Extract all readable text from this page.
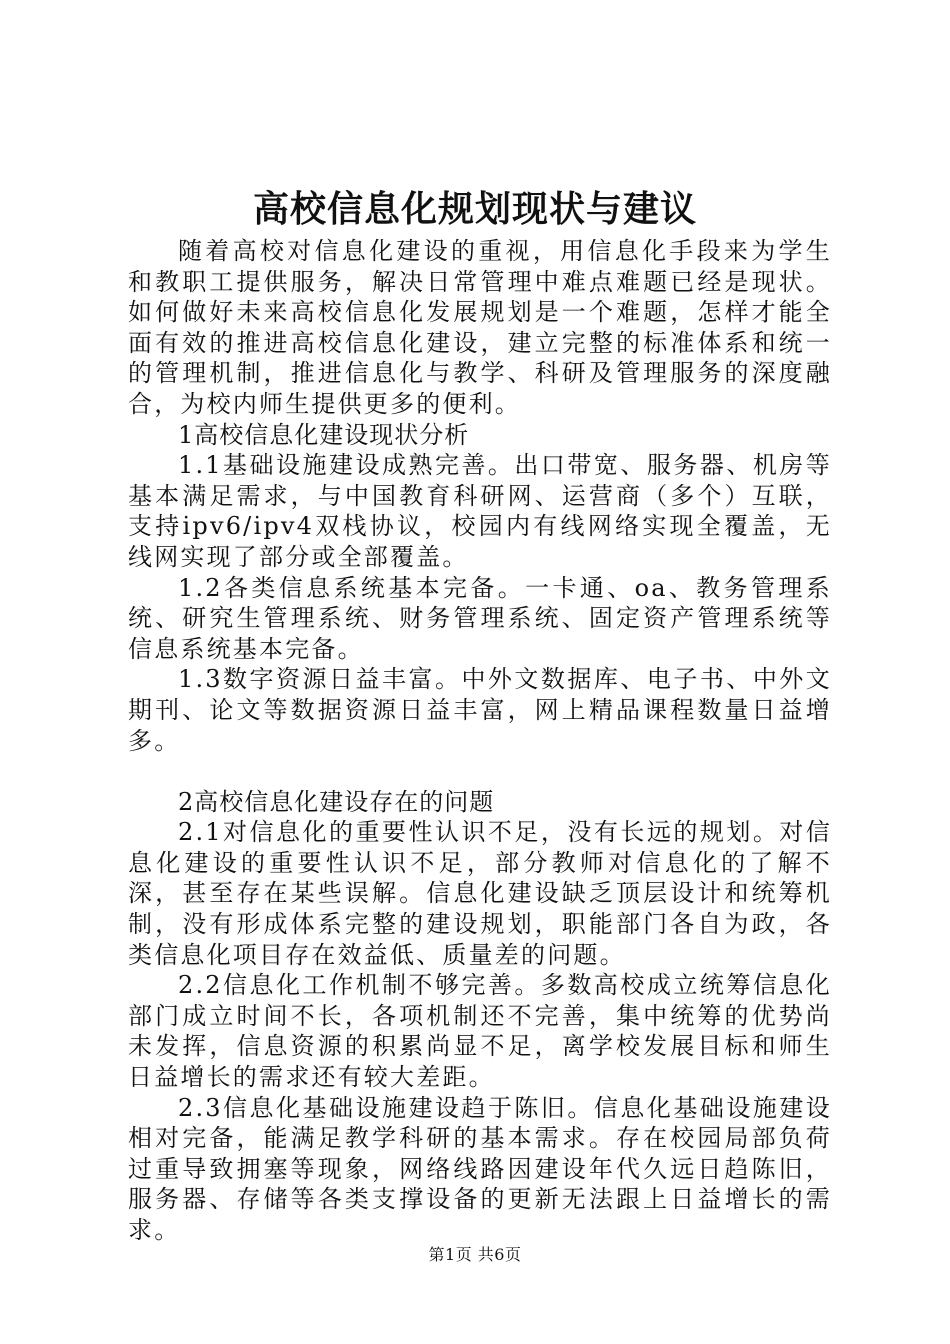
高校信息化规划现状与建议

随着高校对信息化建设的重视，用信息化手段来为学生和教职工提供服务，解决日常管理中难点难题已经是现状。如何做好未来高校信息化发展规划是一个难题，怎样才能全面有效的推进高校信息化建设，建立完整的标准体系和统一的管理机制，推进信息化与教学、科研及管理服务的深度融合，为校内师生提供更多的便利。

1高校信息化建设现状分析

1.1基础设施建设成熟完善。出口带宽、服务器、机房等基本满足需求，与中国教育科研网、运营商（多个）互联，支持ipv6/ipv4双栈协议，校园内有线网络实现全覆盖，无线网实现了部分或全部覆盖。

1.2各类信息系统基本完备。一卡通、oa、教务管理系统、研究生管理系统、财务管理系统、固定资产管理系统等信息系统基本完备。

1.3数字资源日益丰富。中外文数据库、电子书、中外文期刊、论文等数据资源日益丰富，网上精品课程数量日益增多。

2高校信息化建设存在的问题

2.1对信息化的重要性认识不足，没有长远的规划。对信息化建设的重要性认识不足，部分教师对信息化的了解不深，甚至存在某些误解。信息化建设缺乏顶层设计和统筹机制，没有形成体系完整的建设规划，职能部门各自为政，各类信息化项目存在效益低、质量差的问题。

2.2信息化工作机制不够完善。多数高校成立统筹信息化部门成立时间不长，各项机制还不完善，集中统筹的优势尚未发挥，信息资源的积累尚显不足，离学校发展目标和师生日益增长的需求还有较大差距。

2.3信息化基础设施建设趋于陈旧。信息化基础设施建设相对完备，能满足教学科研的基本需求。存在校园局部负荷过重导致拥塞等现象，网络线路因建设年代久远日趋陈旧，服务器、存储等各类支撑设备的更新无法跟上日益增长的需求。

第1页 共6页
